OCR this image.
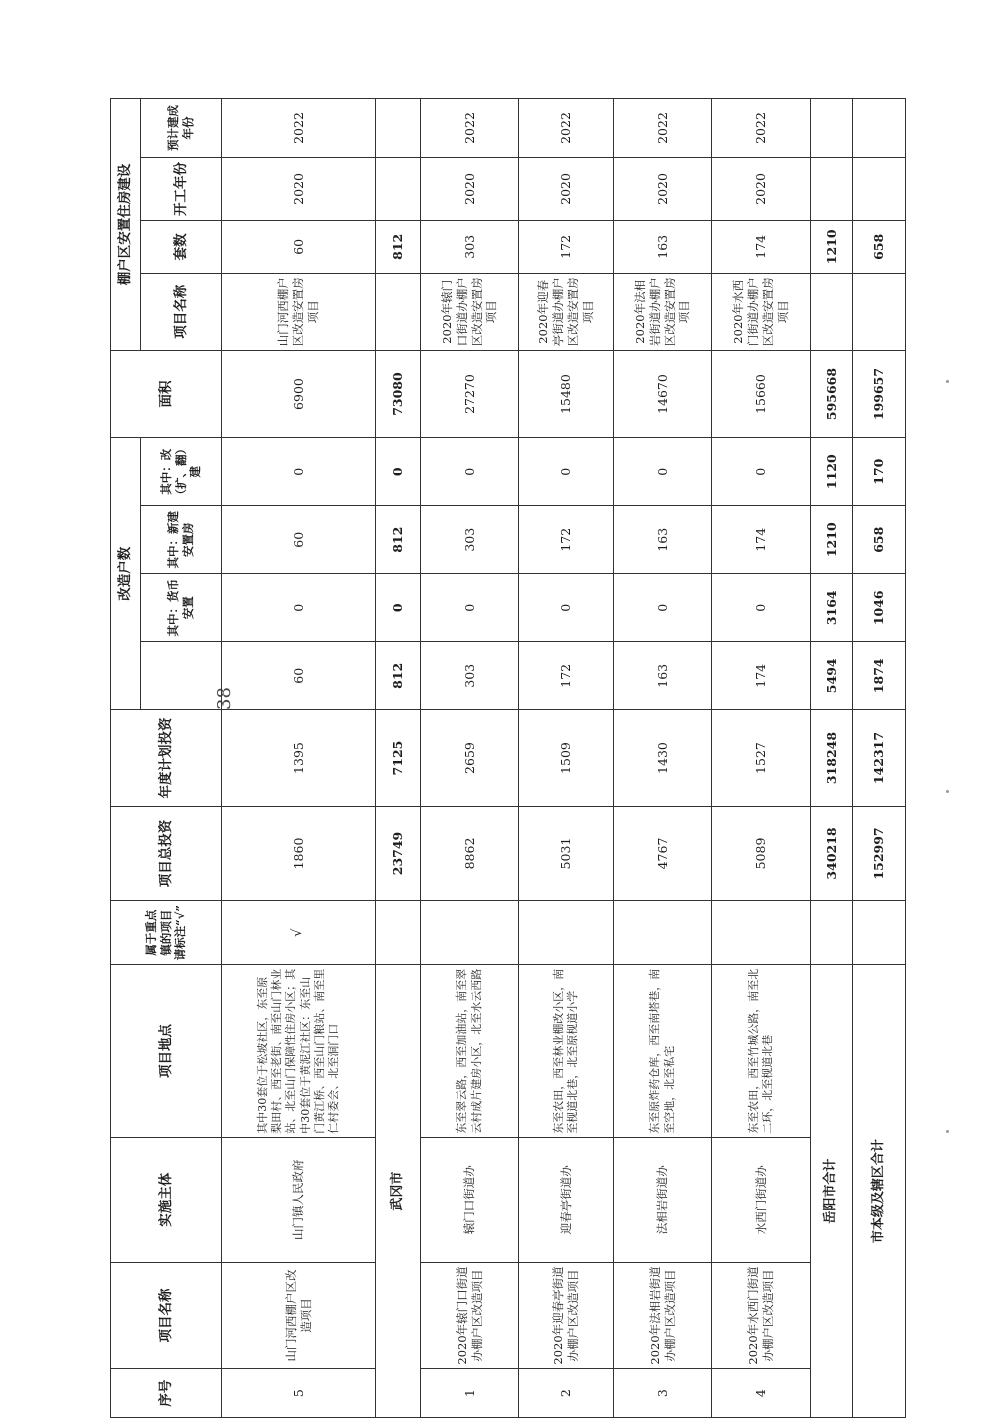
38
序号	项目名称	实施主体	项目地点	属于重点镇的项目请标注“√”	项目总投资	年度计划投资	改造户数				面积	棚户区安置住房建设			
								其中：货币安置	其中：新建安置房	其中：改（扩、翻）建		项目名称	套数	开工年份	预计建成年份
5	山门河西棚户区改造项目	山门镇人民政府	其中30套位于松坡社区，东至原梨田村、西至老街、南至山门林业站、北至山门保障性住房小区；其中30套位于黄泥江社区：东至山门黄江桥、西至山门粮站、南至里仁村委会、北至洞门口	√	1860	1395	60	0	60	0	6900	山门河西棚户区改造安置房项目	60	2020	2022
武冈市					23749	7125	812	0	812	0	73080		812		
1	2020年辕门口街道办棚户区改造项目	辕门口街道办	东至翠云路，西至加油站，南至翠云村成片建房小区，北至水云西路		8862	2659	303	0	303	0	27270	2020年辕门口街道办棚户区改造安置房项目	303	2020	2022
2	2020年迎春亭街道办棚户区改造项目	迎春亭街道办	东至农田，西至林业棚改小区，南至枧道北巷，北至原枧道小学		5031	1509	172	0	172	0	15480	2020年迎春亭街道办棚户区改造安置房项目	172	2020	2022
3	2020年法相岩街道办棚户区改造项目	法相岩街道办	东至原炸药仓库，西至南塔巷，南至空地，北至私宅		4767	1430	163	0	163	0	14670	2020年法相岩街道办棚户区改造安置房项目	163	2020	2022
4	2020年水西门街道办棚户区改造项目	水西门街道办	东至农田，西至竹城公路，南至北二环，北至枧道北巷		5089	1527	174	0	174	0	15660	2020年水西门街道办棚户区改造安置房项目	174	2020	2022
岳阳市合计					340218	318248	5494	3164	1210	1120	595668		1210		
市本级及辖区合计					152997	142317	1874	1046	658	170	199657		658		
